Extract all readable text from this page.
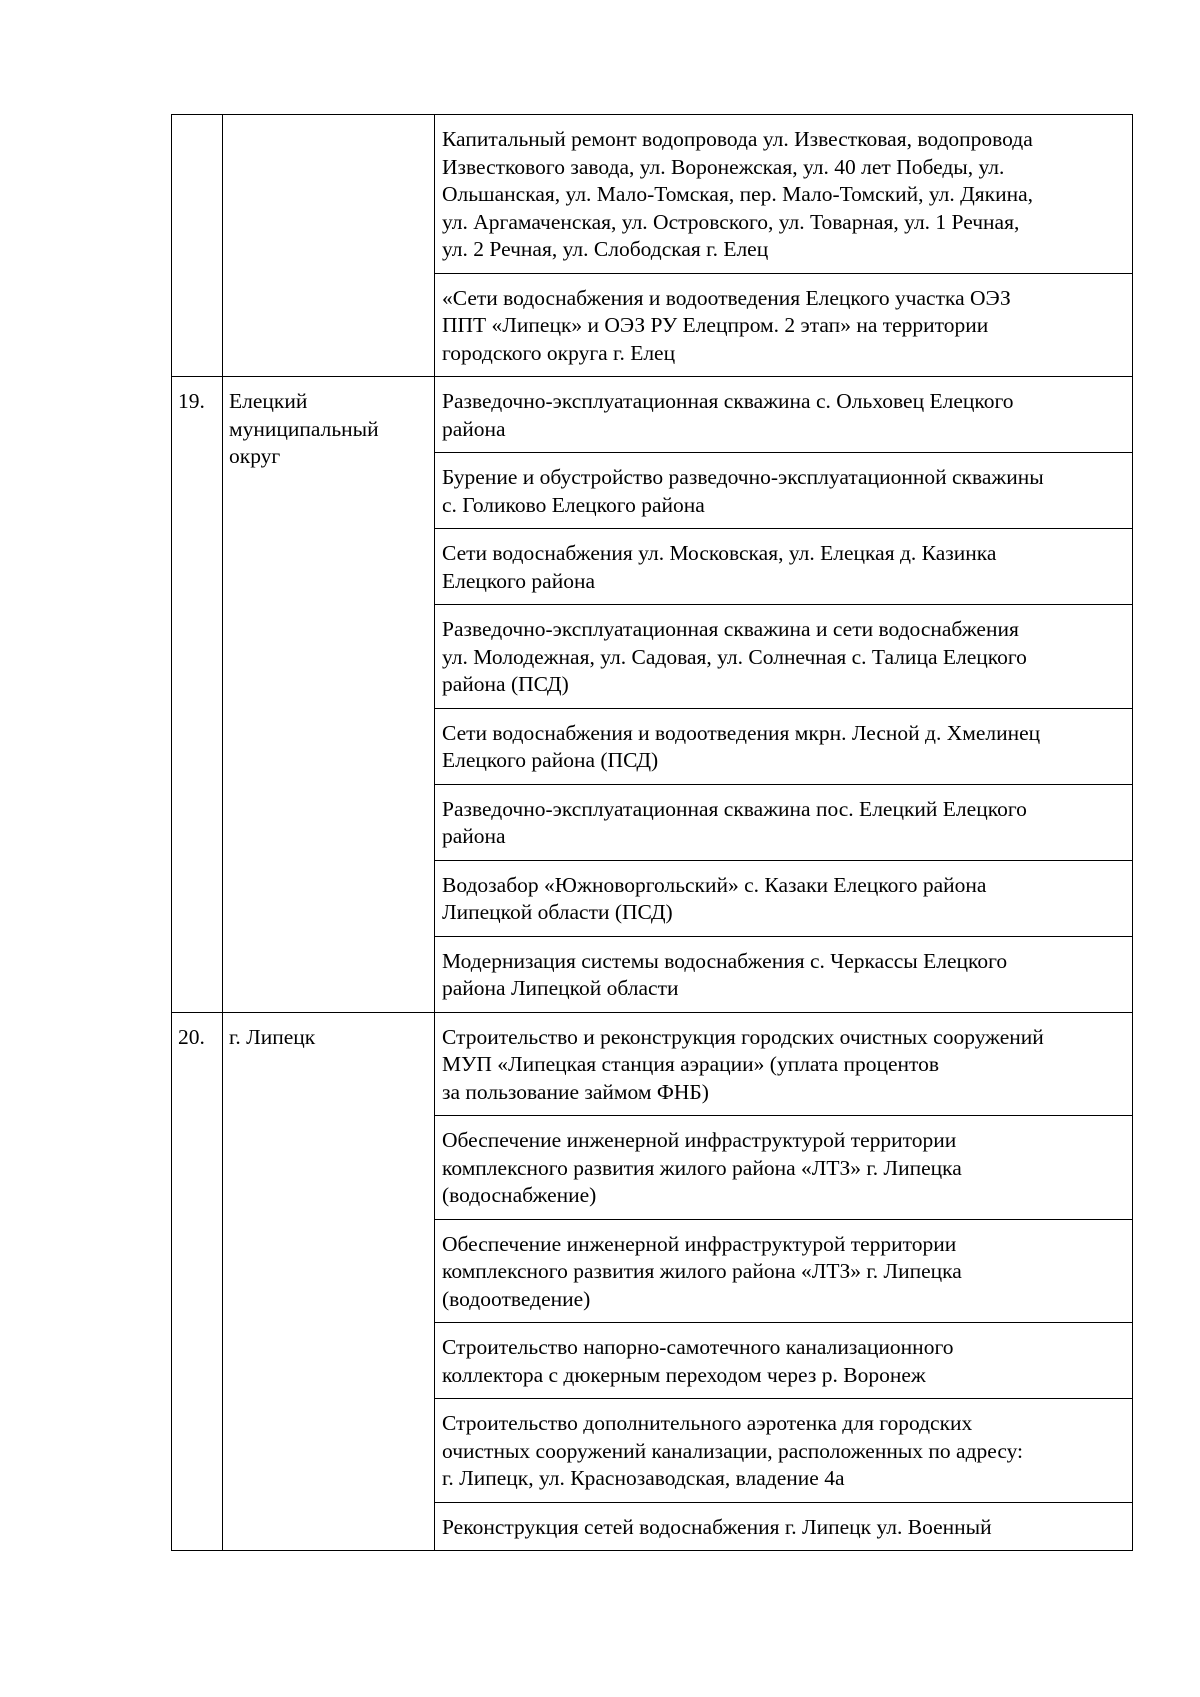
		Капитальный ремонт водопровода ул. Известковая, водопровода
Известкового завода, ул. Воронежская, ул. 40 лет Победы, ул.
Ольшанская, ул. Мало-Томская, пер. Мало-Томский, ул. Дякина,
ул. Аргамаченская, ул. Островского, ул. Товарная, ул. 1 Речная,
ул. 2 Речная, ул. Слободская г. Елец

		«Сети водоснабжения и водоотведения Елецкого участка ОЭЗ
ППТ «Липецк» и ОЭЗ РУ Елецпром. 2 этап» на территории
городского округа г. Елец

19.	Елецкий
муниципальный
округ	Разведочно-эксплуатационная скважина с. Ольховец Елецкого
района

		Бурение и обустройство разведочно-эксплуатационной скважины
с. Голиково Елецкого района

		Сети водоснабжения ул. Московская, ул. Елецкая д. Казинка
Елецкого района

		Разведочно-эксплуатационная скважина и сети водоснабжения
ул. Молодежная, ул. Садовая, ул. Солнечная с. Талица Елецкого
района (ПСД)

		Сети водоснабжения и водоотведения мкрн. Лесной д. Хмелинец
Елецкого района (ПСД)

		Разведочно-эксплуатационная скважина пос. Елецкий Елецкого
района

		Водозабор «Южноворгольский» с. Казаки Елецкого района
Липецкой области (ПСД)

		Модернизация системы водоснабжения с. Черкассы Елецкого
района Липецкой области

20.	г. Липецк	Строительство и реконструкция городских очистных сооружений
МУП «Липецкая станция аэрации» (уплата процентов
за пользование займом ФНБ)

		Обеспечение инженерной инфраструктурой территории
комплексного развития жилого района «ЛТЗ» г. Липецка
(водоснабжение)

		Обеспечение инженерной инфраструктурой территории
комплексного развития жилого района «ЛТЗ» г. Липецка
(водоотведение)

		Строительство напорно-самотечного канализационного
коллектора с дюкерным переходом через р. Воронеж

		Строительство дополнительного аэротенка для городских
очистных сооружений канализации, расположенных по адресу:
г. Липецк, ул. Краснозаводская, владение 4а

		Реконструкция сетей водоснабжения г. Липецк ул. Военный
